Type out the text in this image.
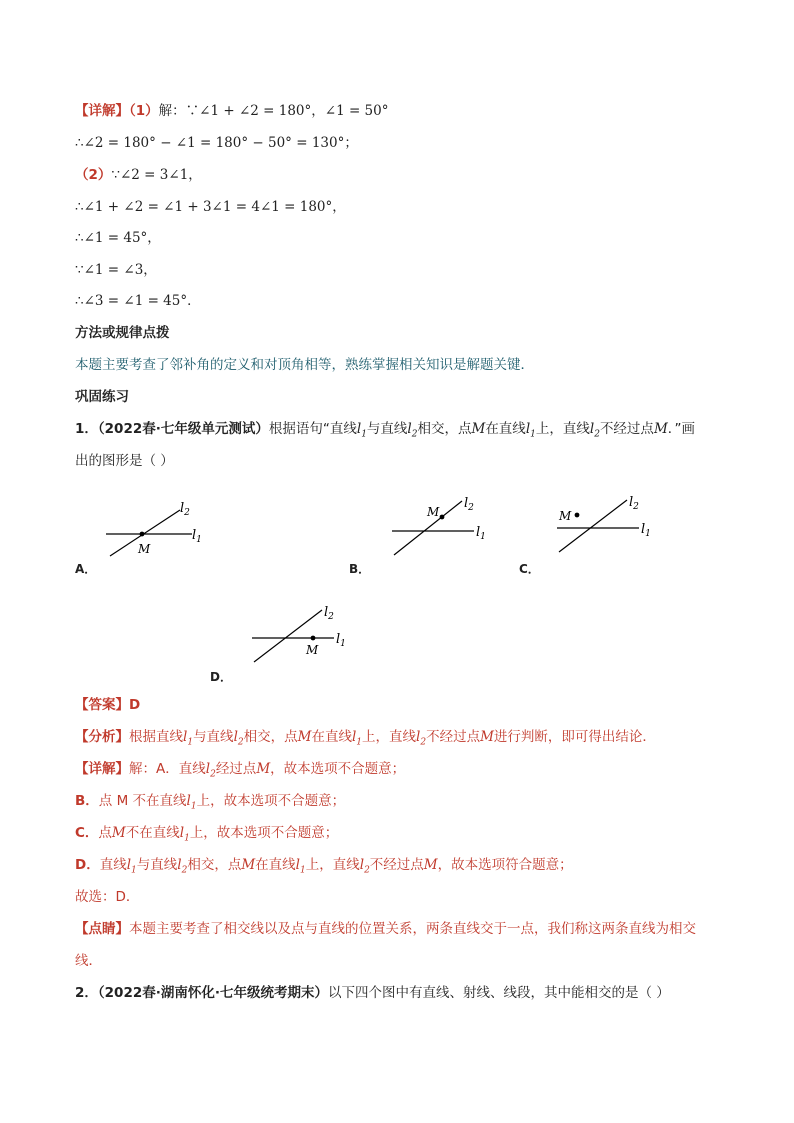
【详解】（1）解：∵∠1 + ∠2 = 180°，∠1 = 50°
∴∠2 = 180° − ∠1 = 180° − 50° = 130°；
（2）∵∠2 = 3∠1，
∴∠1 + ∠2 = ∠1 + 3∠1 = 4∠1 = 180°，
∴∠1 = 45°，
∵∠1 = ∠3，
∴∠3 = ∠1 = 45°．
方法或规律点拨
本题主要考查了邻补角的定义和对顶角相等，熟练掌握相关知识是解题关键．
巩固练习
1．（2022春·七年级单元测试）根据语句“直线$l_1$与直线$l_2$相交，点M在直线$l_1$上，直线$l_2$不经过点M．”画
出的图形是（ ）
$l_2$
$l_1$
M
A．
$l_2$
$l_1$
M
B．
$l_2$
$l_1$
M
C．
$l_2$
$l_1$
M
D．
【答案】D
【分析】根据直线$l_1$与直线$l_2$相交，点M在直线$l_1$上，直线$l_2$不经过点M进行判断，即可得出结论．
【详解】解：A．直线$l_2$经过点M，故本选项不合题意；
B．点 M 不在直线$l_1$上，故本选项不合题意；
C．点M不在直线$l_1$上，故本选项不合题意；
D．直线$l_1$与直线$l_2$相交，点M在直线$l_1$上，直线$l_2$不经过点M，故本选项符合题意；
故选：D．
【点睛】本题主要考查了相交线以及点与直线的位置关系，两条直线交于一点，我们称这两条直线为相交
线．
2．（2022春·湖南怀化·七年级统考期末）以下四个图中有直线、射线、线段，其中能相交的是（ ）
